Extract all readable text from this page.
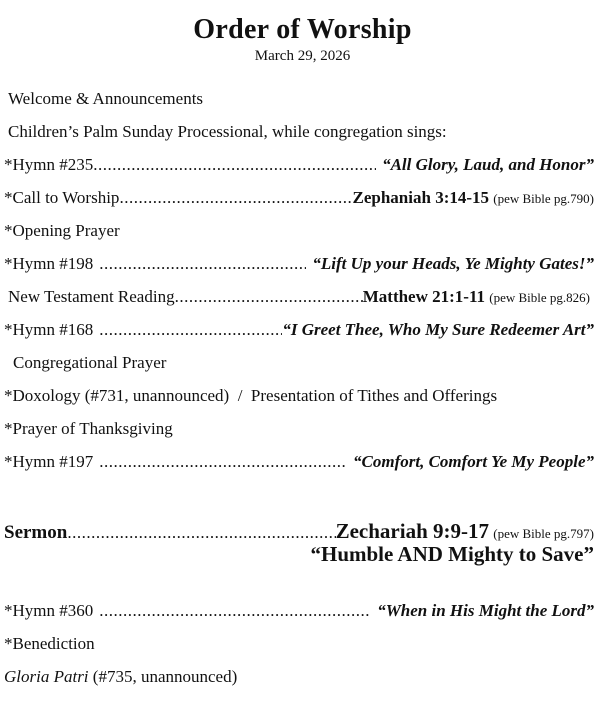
Order of Worship
March 29, 2026
Welcome & Announcements
Children’s Palm Sunday Processional, while congregation sings:
*Hymn #235 .....	“All Glory, Laud, and Honor”
*Call to Worship .....	Zephaniah 3:14-15 (pew Bible pg.790)
*Opening Prayer
*Hymn #198 .....	“Lift Up your Heads, Ye Mighty Gates!”
New Testament Reading .....	Matthew 21:1-11 (pew Bible pg.826)
*Hymn #168 .....	“I Greet Thee, Who My Sure Redeemer Art”
Congregational Prayer
*Doxology (#731, unannounced)  /  Presentation of Tithes and Offerings
*Prayer of Thanksgiving
*Hymn #197 .....	“Comfort, Comfort Ye My People”
Sermon .....	Zechariah 9:9-17 (pew Bible pg.797)
“Humble AND Mighty to Save”
*Hymn #360 .....	“When in His Might the Lord”
*Benediction
Gloria Patri (#735, unannounced)
